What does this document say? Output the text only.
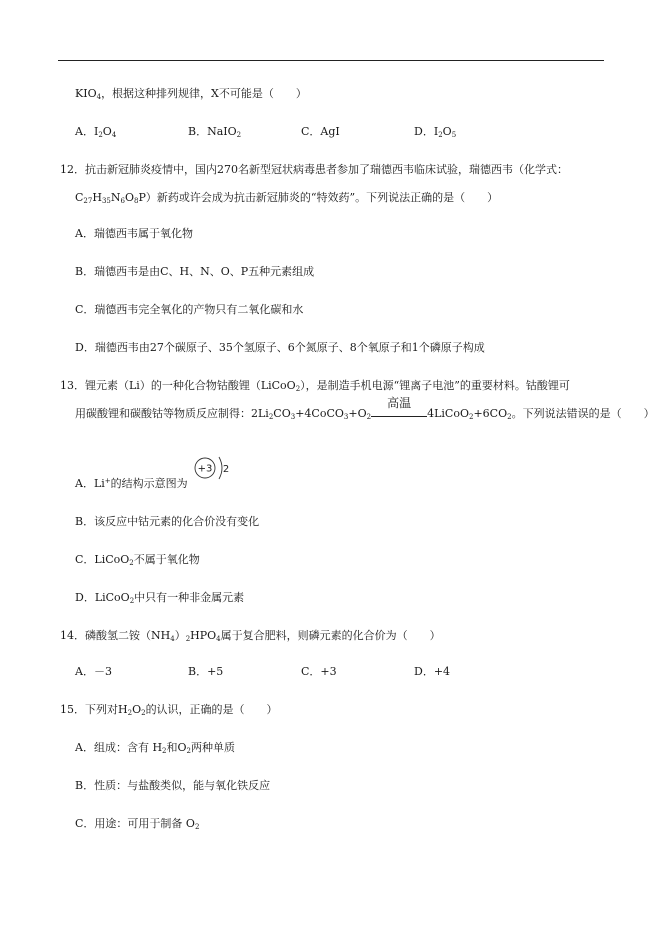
$KIO_4$，根据这种排列规律，X不可能是（　　）
A．$I_2O_4$	B．NaIO$_2$	C．AgI	D．$I_2O_5$
12．抗击新冠肺炎疫情中，国内270名新型冠状病毒患者参加了瑞德西韦临床试验，瑞德西韦（化学式：
$C_{27}H_{35}N_6O_8P$）新药或许会成为抗击新冠肺炎的“特效药”。下列说法正确的是（　　）
A．瑞德西韦属于氧化物
B．瑞德西韦是由C、H、N、O、P五种元素组成
C．瑞德西韦完全氧化的产物只有二氧化碳和水
D．瑞德西韦由27个碳原子、35个氢原子、6个氮原子、8个氧原子和1个磷原子构成
13．锂元素（Li）的一种化合物钴酸锂（LiCoO$_2$），是制造手机电源“锂离子电池”的重要材料。钴酸锂可
用碳酸锂和碳酸钴等物质反应制得：$2Li_2CO_3+4CoCO_3+O_2$
高温
$4LiCoO_2+6CO_2$。下列说法错误的是（　　）
A．Li+的结构示意图为
+3 2
B．该反应中钴元素的化合价没有变化
C．LiCoO$_2$不属于氧化物
D．LiCoO$_2$中只有一种非金属元素
14．磷酸氢二铵$(NH_4)_2HPO_4$属于复合肥料，则磷元素的化合价为（　　）
A．－3	B．+5	C．+3	D．+4
15．下列对$H_2O_2$的认识，正确的是（　　）
A．组成：含有 $H_2$和$O_2$两种单质
B．性质：与盐酸类似，能与氧化铁反应
C．用途：可用于制备 $O_2$
